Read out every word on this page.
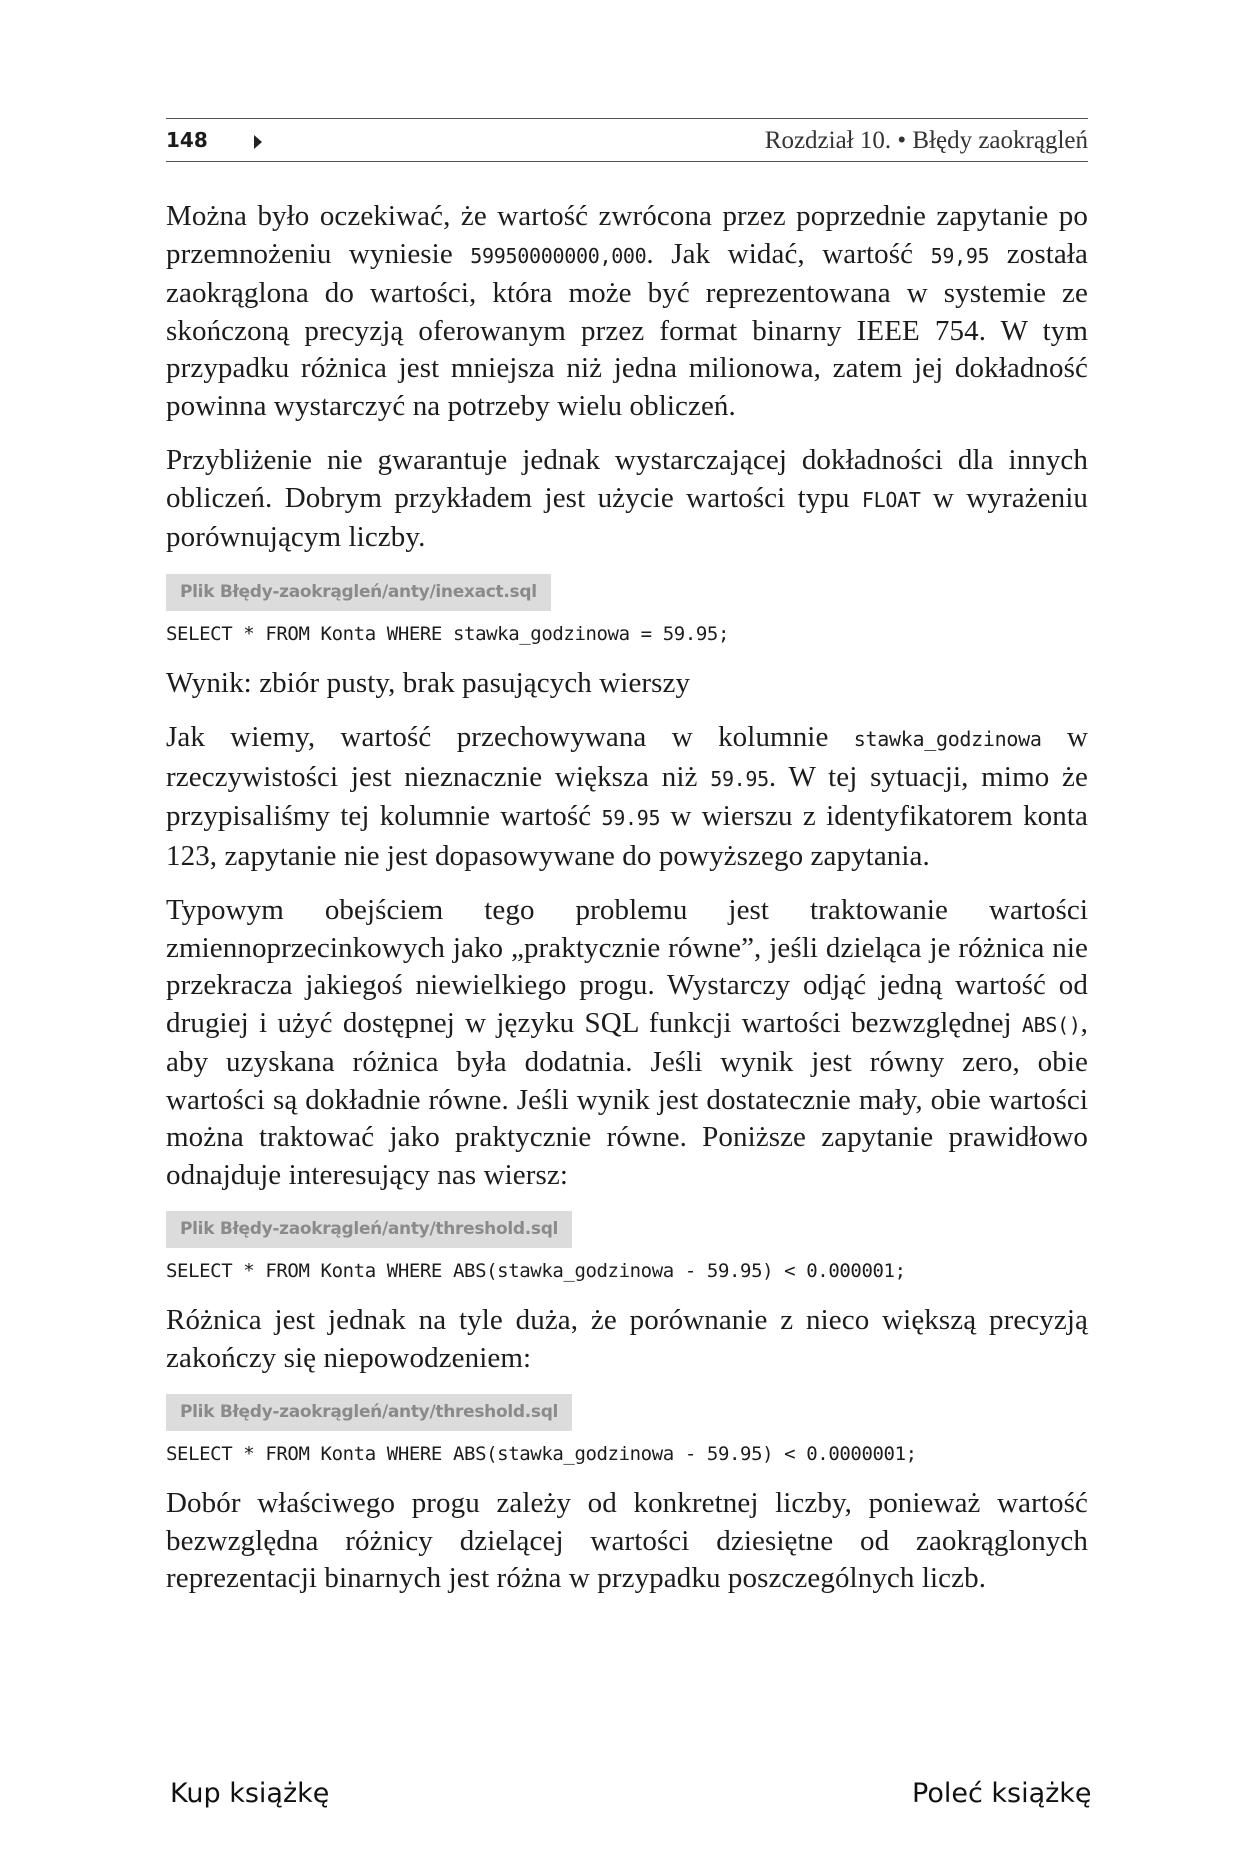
148	Rozdział 10. • Błędy zaokrągleń

Można było oczekiwać, że wartość zwrócona przez poprzednie zapytanie po przemnożeniu wyniesie 59950000000,000. Jak widać, wartość 59,95 została zaokrąglona do wartości, która może być reprezentowana w systemie ze skończoną precyzją oferowanym przez format binarny IEEE 754. W tym przypadku różnica jest mniejsza niż jedna milionowa, zatem jej dokładność powinna wystarczyć na potrzeby wielu obliczeń.

Przybliżenie nie gwarantuje jednak wystarczającej dokładności dla innych obliczeń. Dobrym przykładem jest użycie wartości typu FLOAT w wyrażeniu porównującym liczby.

Plik Błędy-zaokrągleń/anty/inexact.sql
SELECT * FROM Konta WHERE stawka_godzinowa = 59.95;

Wynik: zbiór pusty, brak pasujących wierszy

Jak wiemy, wartość przechowywana w kolumnie stawka_godzinowa w rzeczywistości jest nieznacznie większa niż 59.95. W tej sytuacji, mimo że przypisaliśmy tej kolumnie wartość 59.95 w wierszu z identyfikatorem konta 123, zapytanie nie jest dopasowywane do powyższego zapytania.

Typowym obejściem tego problemu jest traktowanie wartości zmiennoprzecinkowych jako „praktycznie równe”, jeśli dzieląca je różnica nie przekracza jakiegoś niewielkiego progu. Wystarczy odjąć jedną wartość od drugiej i użyć dostępnej w języku SQL funkcji wartości bezwzględnej ABS(), aby uzyskana różnica była dodatnia. Jeśli wynik jest równy zero, obie wartości są dokładnie równe. Jeśli wynik jest dostatecznie mały, obie wartości można traktować jako praktycznie równe. Poniższe zapytanie prawidłowo odnajduje interesujący nas wiersz:

Plik Błędy-zaokrągleń/anty/threshold.sql
SELECT * FROM Konta WHERE ABS(stawka_godzinowa - 59.95) < 0.000001;

Różnica jest jednak na tyle duża, że porównanie z nieco większą precyzją zakończy się niepowodzeniem:

Plik Błędy-zaokrągleń/anty/threshold.sql
SELECT * FROM Konta WHERE ABS(stawka_godzinowa - 59.95) < 0.0000001;

Dobór właściwego progu zależy od konkretnej liczby, ponieważ wartość bezwzględna różnicy dzielącej wartości dziesiętne od zaokrąglonych reprezentacji binarnych jest różna w przypadku poszczególnych liczb.

Kup książkę	Poleć książkę
